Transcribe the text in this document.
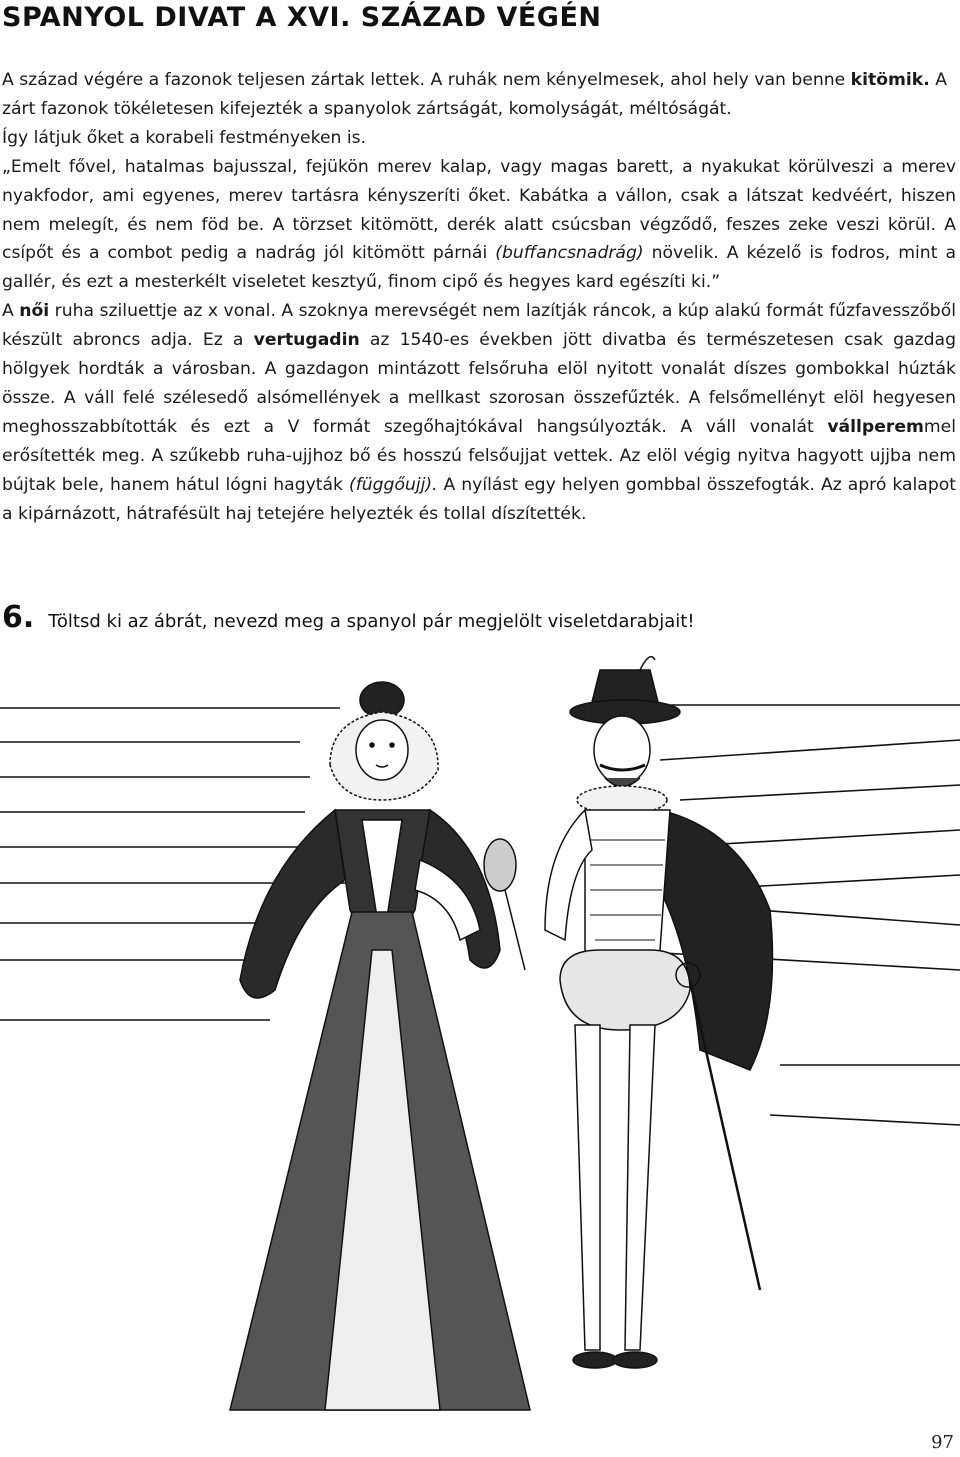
SPANYOL DIVAT A XVI. SZÁZAD VÉGÉN

A század végére a fazonok teljesen zártak lettek. A ruhák nem kényelmesek, ahol hely van benne kitömik. A zárt fazonok tökéletesen kifejezték a spanyolok zártságát, komolyságát, méltóságát.
Így látjuk őket a korabeli festményeken is.

„Emelt fővel, hatalmas bajusszal, fejükön merev kalap, vagy magas barett, a nyakukat körülveszi a merev nyakfodor, ami egyenes, merev tartásra kényszeríti őket. Kabátka a vállon, csak a látszat kedvéért, hiszen nem melegít, és nem föd be. A törzset kitömött, derék alatt csúcsban végződő, feszes zeke veszi körül. A csípőt és a combot pedig a nadrág jól kitömött párnái (buffancsnadrág) növelik. A kézelő is fodros, mint a gallér, és ezt a mesterkélt viseletet kesztyű, finom cipő és hegyes kard egészíti ki.”

A női ruha sziluettje az x vonal. A szoknya merevségét nem lazítják ráncok, a kúp alakú formát fűzfavesszőből készült abroncs adja. Ez a vertugadin az 1540-es években jött divatba és természetesen csak gazdag hölgyek hordták a városban. A gazdagon mintázott felsőruha elöl nyitott vonalát díszes gombokkal húzták össze. A váll felé szélesedő alsómellények a mellkast szorosan összefűzték. A felsőmellényt elöl hegyesen meghosszabbították és ezt a V formát szegőhajtókával hangsúlyozták. A váll vonalát vállperemmel erősítették meg. A szűkebb ruha-ujjhoz bő és hosszú felsőujjat vettek. Az elöl végig nyitva hagyott ujjba nem bújtak bele, hanem hátul lógni hagyták (függőujj). A nyílást egy helyen gombbal összefogták. Az apró kalapot a kipárnázott, hátrafésült haj tetejére helyezték és tollal díszítették.

6. Töltsd ki az ábrát, nevezd meg a spanyol pár megjelölt viseletdarabjait!
97
